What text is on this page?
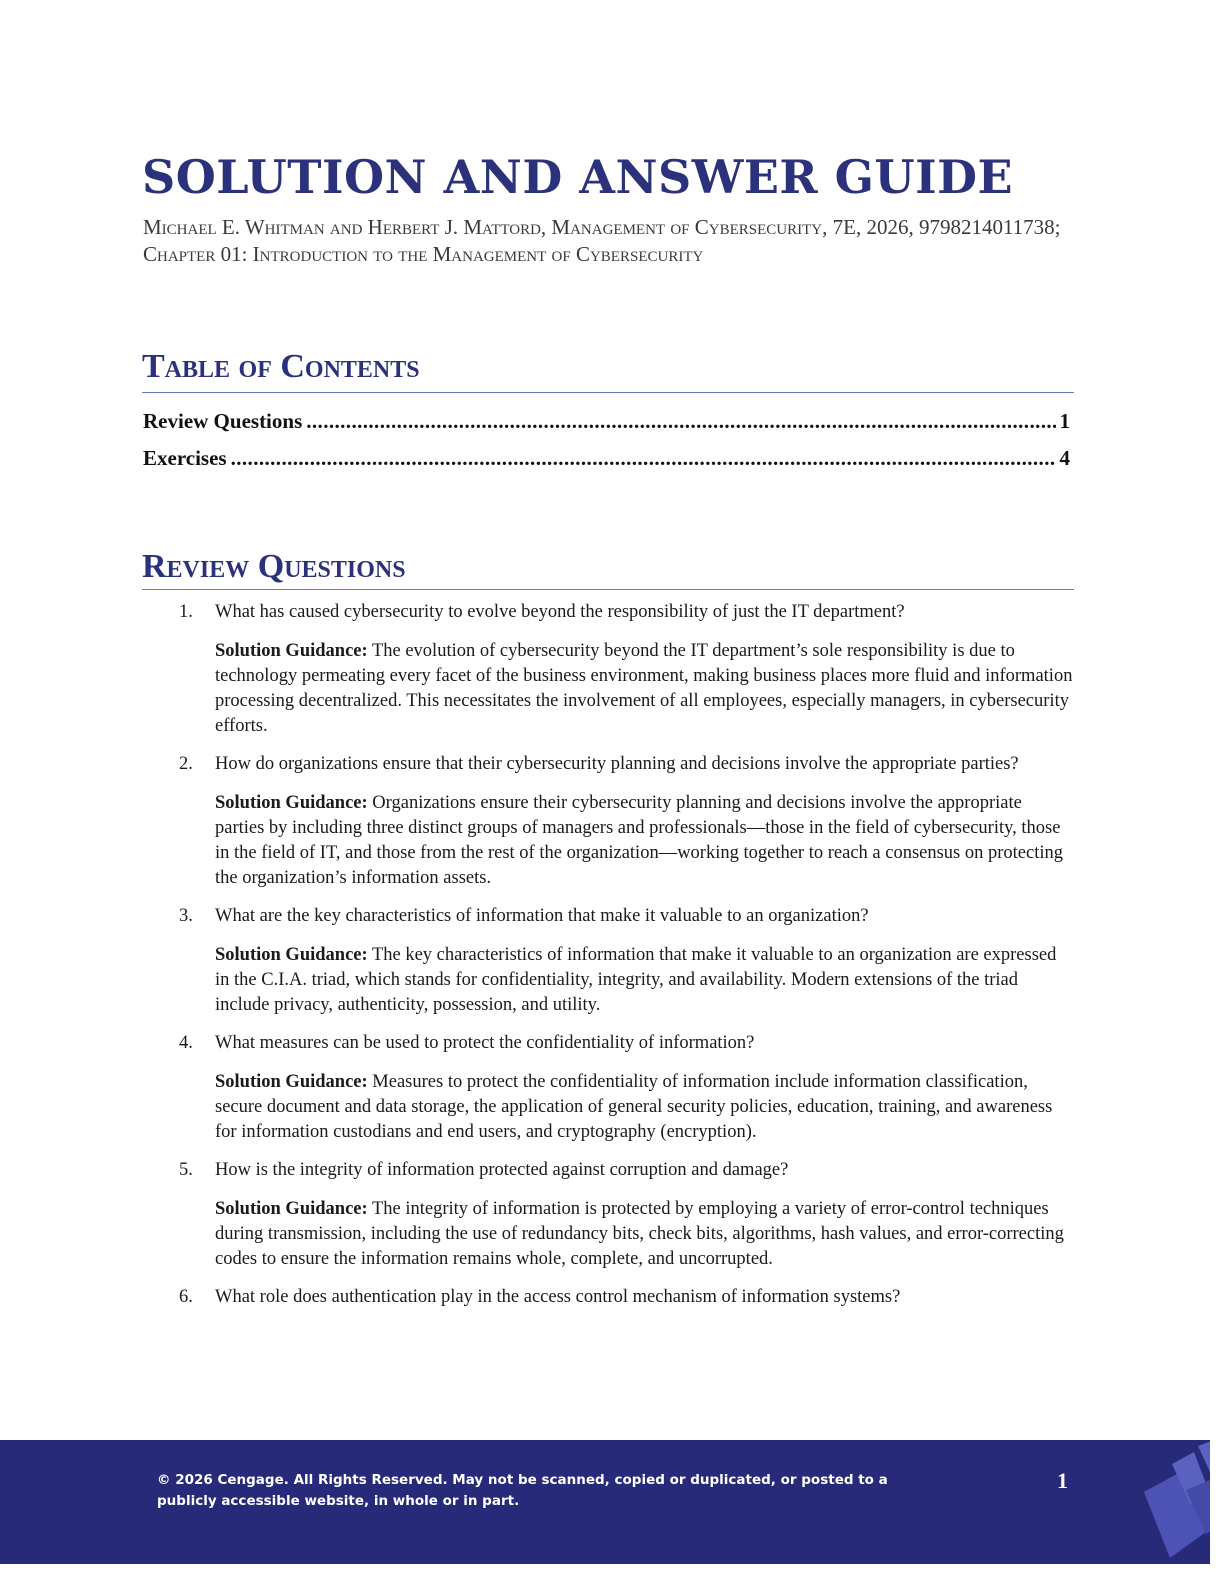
SOLUTION AND ANSWER GUIDE

Michael E. Whitman and Herbert J. Mattord, Management of Cybersecurity, 7E, 2026, 9798214011738; Chapter 01: Introduction to the Management of Cybersecurity

Table of Contents
Review Questions .....	1
Exercises .....	4
Review Questions
1. What has caused cybersecurity to evolve beyond the responsibility of just the IT department?

Solution Guidance: The evolution of cybersecurity beyond the IT department’s sole responsibility is due to technology permeating every facet of the business environment, making business places more fluid and information processing decentralized. This necessitates the involvement of all employees, especially managers, in cybersecurity efforts.

2. How do organizations ensure that their cybersecurity planning and decisions involve the appropriate parties?

Solution Guidance: Organizations ensure their cybersecurity planning and decisions involve the appropriate parties by including three distinct groups of managers and professionals—those in the field of cybersecurity, those in the field of IT, and those from the rest of the organization—working together to reach a consensus on protecting the organization’s information assets.

3. What are the key characteristics of information that make it valuable to an organization?

Solution Guidance: The key characteristics of information that make it valuable to an organization are expressed in the C.I.A. triad, which stands for confidentiality, integrity, and availability. Modern extensions of the triad include privacy, authenticity, possession, and utility.

4. What measures can be used to protect the confidentiality of information?

Solution Guidance: Measures to protect the confidentiality of information include information classification, secure document and data storage, the application of general security policies, education, training, and awareness for information custodians and end users, and cryptography (encryption).

5. How is the integrity of information protected against corruption and damage?

Solution Guidance: The integrity of information is protected by employing a variety of error-control techniques during transmission, including the use of redundancy bits, check bits, algorithms, hash values, and error-correcting codes to ensure the information remains whole, complete, and uncorrupted.

6. What role does authentication play in the access control mechanism of information systems?

© 2026 Cengage. All Rights Reserved. May not be scanned, copied or duplicated, or posted to a publicly accessible website, in whole or in part.
1
